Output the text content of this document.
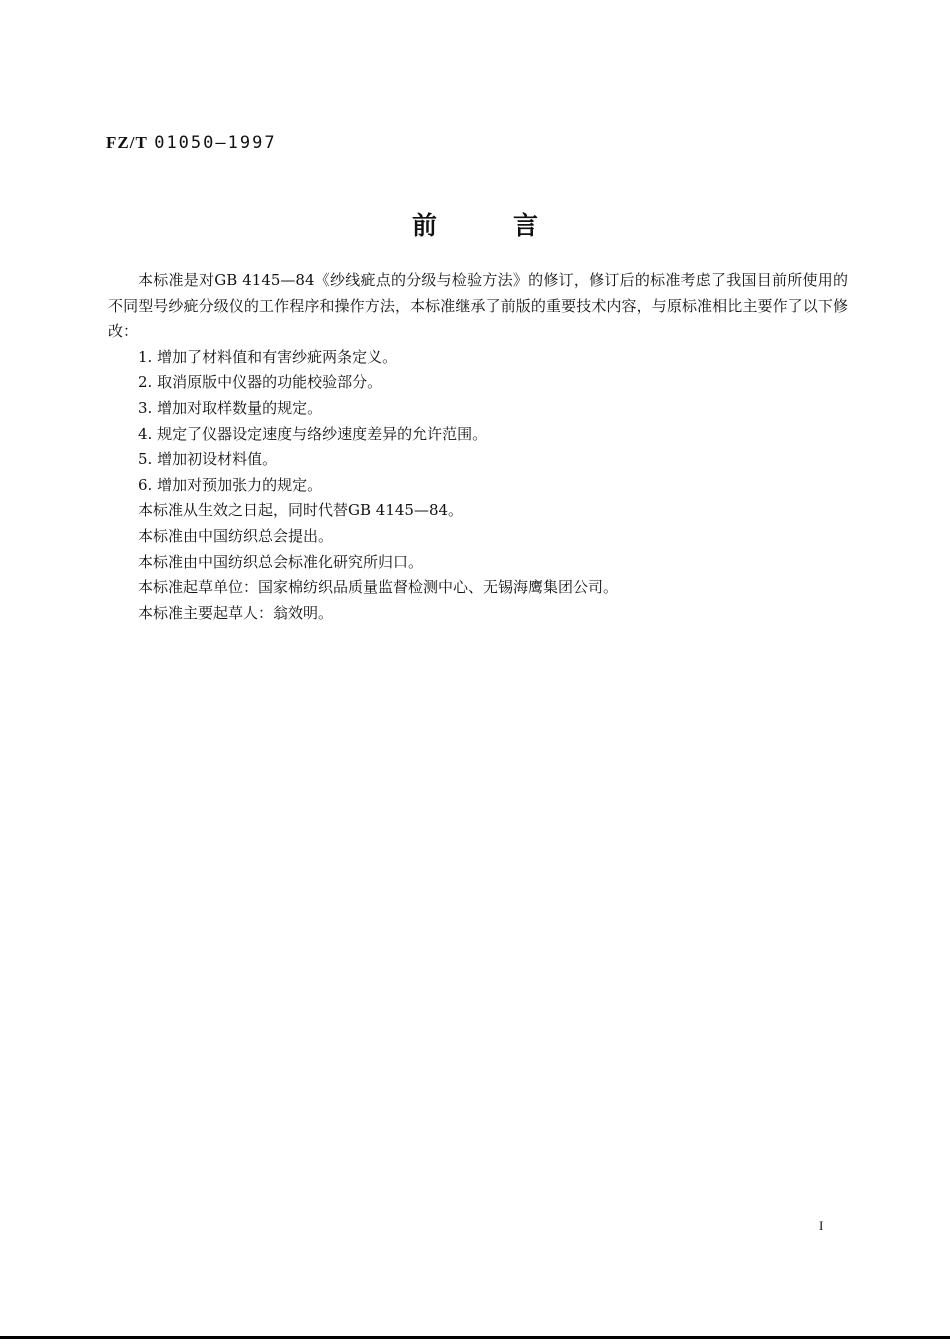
FZ/T 01050—1997
前	言

本标准是对GB 4145—84《纱线疵点的分级与检验方法》的修订，修订后的标准考虑了我国目前所使用的不同型号纱疵分级仪的工作程序和操作方法，本标准继承了前版的重要技术内容，与原标准相比主要作了以下修改：

1. 增加了材料值和有害纱疵两条定义。

2. 取消原版中仪器的功能校验部分。

3. 增加对取样数量的规定。

4. 规定了仪器设定速度与络纱速度差异的允许范围。

5. 增加初设材料值。

6. 增加对预加张力的规定。

本标准从生效之日起，同时代替GB 4145—84。

本标准由中国纺织总会提出。

本标准由中国纺织总会标准化研究所归口。

本标准起草单位：国家棉纺织品质量监督检测中心、无锡海鹰集团公司。

本标准主要起草人：翁效明。

I
